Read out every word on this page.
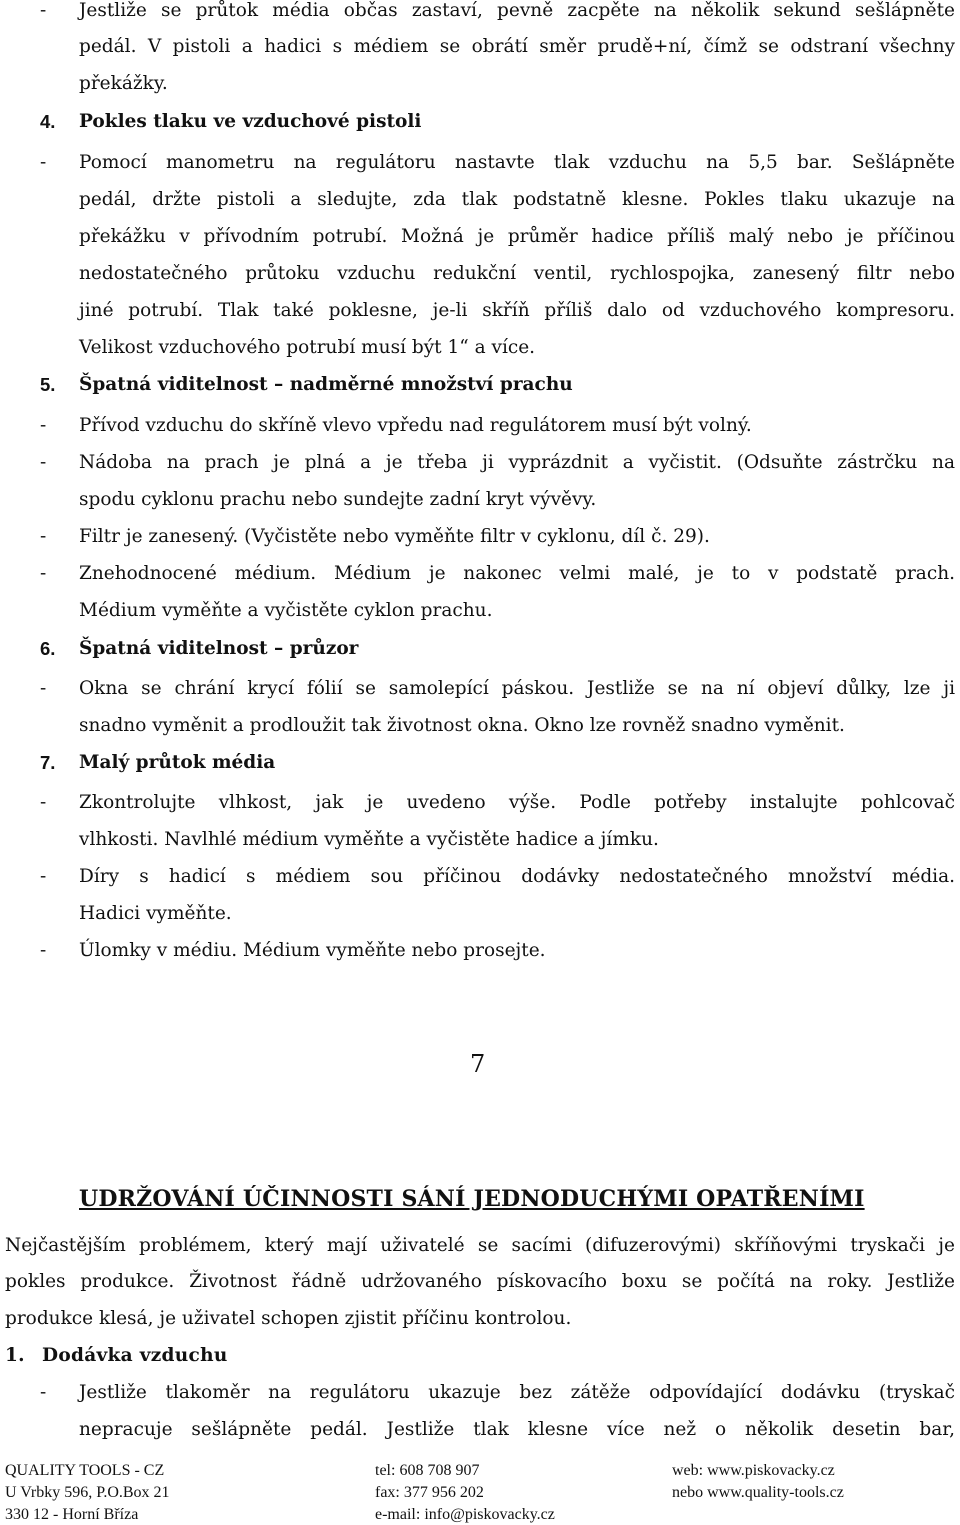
- Jestliže se průtok média občas zastaví, pevně zacpěte na několik sekund sešlápněte
pedál. V pistoli a hadici s médiem se obrátí směr prudě+ní, čímž se odstraní všechny
překážky.
4. Pokles tlaku ve vzduchové pistoli
- Pomocí manometru na regulátoru nastavte tlak vzduchu na 5,5 bar. Sešlápněte
pedál, držte pistoli a sledujte, zda tlak podstatně klesne. Pokles tlaku ukazuje na
překážku v přívodním potrubí. Možná je průměr hadice příliš malý nebo je příčinou
nedostatečného průtoku vzduchu redukční ventil, rychlospojka, zanesený filtr nebo
jiné potrubí. Tlak také poklesne, je-li skříň příliš dalo od vzduchového kompresoru.
Velikost vzduchového potrubí musí být 1“ a více.
5. Špatná viditelnost – nadměrné množství prachu
- Přívod vzduchu do skříně vlevo vpředu nad regulátorem musí být volný.
- Nádoba na prach je plná a je třeba ji vyprázdnit a vyčistit. (Odsuňte zástrčku na
spodu cyklonu prachu nebo sundejte zadní kryt vývěvy.
- Filtr je zanesený. (Vyčistěte nebo vyměňte filtr v cyklonu, díl č. 29).
- Znehodnocené médium. Médium je nakonec velmi malé, je to v podstatě prach.
Médium vyměňte a vyčistěte cyklon prachu.
6. Špatná viditelnost – průzor
- Okna se chrání krycí fólií se samolepící páskou. Jestliže se na ní objeví důlky, lze ji
snadno vyměnit a prodloužit tak životnost okna. Okno lze rovněž snadno vyměnit.
7. Malý průtok média
- Zkontrolujte vlhkost, jak je uvedeno výše. Podle potřeby instalujte pohlcovač
vlhkosti. Navlhlé médium vyměňte a vyčistěte hadice a jímku.
- Díry s hadicí s médiem sou příčinou dodávky nedostatečného množství média.
Hadici vyměňte.
- Úlomky v médiu. Médium vyměňte nebo prosejte.
7
UDRŽOVÁNÍ ÚČINNOSTI SÁNÍ JEDNODUCHÝMI OPATŘENÍMI
Nejčastějším problémem, který mají uživatelé se sacími (difuzerovými) skříňovými tryskači je
pokles produkce. Životnost řádně udržovaného pískovacího boxu se počítá na roky. Jestliže
produkce klesá, je uživatel schopen zjistit příčinu kontrolou.
1. Dodávka vzduchu
- Jestliže tlakoměr na regulátoru ukazuje bez zátěže odpovídající dodávku (tryskač
nepracuje sešlápněte pedál. Jestliže tlak klesne více než o několik desetin bar,
QUALITY TOOLS - CZ
U Vrbky 596, P.O.Box 21
330 12 - Horní Bříza
tel: 608 708 907
fax: 377 956 202
e-mail: info@piskovacky.cz
web: www.piskovacky.cz
nebo www.quality-tools.cz
